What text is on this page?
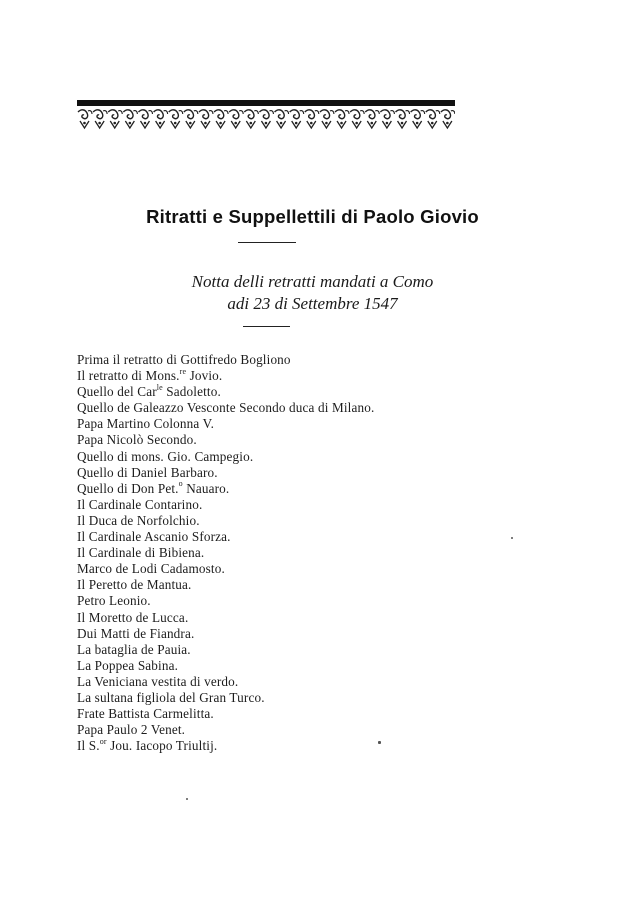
Ritratti e Suppellettili di Paolo Giovio
Notta delli retratti mandati a Como
adi 23 di Settembre 1547
Prima il retratto di Gottifredo Bogliono
Il retratto di Mons.$^{re}$ Jovio.
Quello del Car$^{le}$ Sadoletto.
Quello de Galeazzo Vesconte Secondo duca di Milano.
Papa Martino Colonna V.
Papa Nicolò Secondo.
Quello di mons. Gio. Campegio.
Quello di Daniel Barbaro.
Quello di Don Pet.$^o$ Nauaro.
Il Cardinale Contarino.
Il Duca de Norfolchio.
Il Cardinale Ascanio Sforza.
Il Cardinale di Bibiena.
Marco de Lodi Cadamosto.
Il Peretto de Mantua.
Petro Leonio.
Il Moretto de Lucca.
Dui Matti de Fiandra.
La bataglia de Pauia.
La Poppea Sabina.
La Veniciana vestita di verdo.
La sultana figliola del Gran Turco.
Frate Battista Carmelitta.
Papa Paulo 2 Venet.
Il S.$^{or}$ Jou. Iacopo Triultij.
